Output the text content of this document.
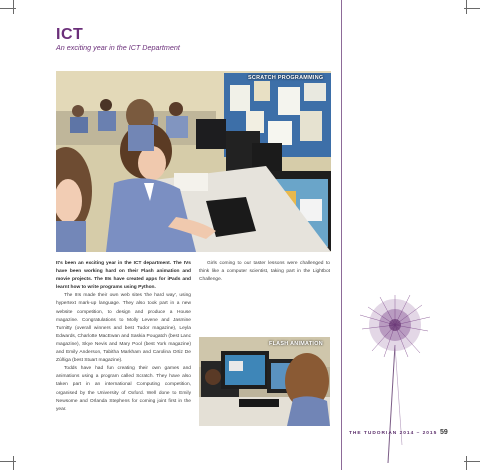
ICT
An exciting year in the ICT Department
SCRATCH PROGRAMMING

It's been an exciting year in the ICT department. The IVs have been working hard on their Flash animation and movie projects. The IIIs have created apps for iPads and learnt how to write programs using Python.

The IIIs made their own web sites 'the hard way', using hypertext mark-up language. They also took part in a new website competition, to design and produce a House magazine. Congratulations to Molly Levene and Jasmine Turnitty (overall winners and best Tudor magazine), Leyla Edwards, Charlotte MacEwan and Saskia Pougatch (best Lanc magazine), Skye Nevis and Mary Pool (best York magazine) and Emily Anderson, Tabitha Markham and Carolina Ortiz De Zúñiga (best Stuart magazine).

Todds have had fun creating their own games and animations using a program called Scratch. They have also taken part in an international Computing competition, organised by the University of Oxford. Well done to Emily Newsome and Orlanda Stephens for coming joint first in the year.

Girls coming to our taster lessons were challenged to think like a computer scientist, taking part in the Lightbot Challenge.

FLASH ANIMATION
THE TUDORIAN 2014 – 2015 59
